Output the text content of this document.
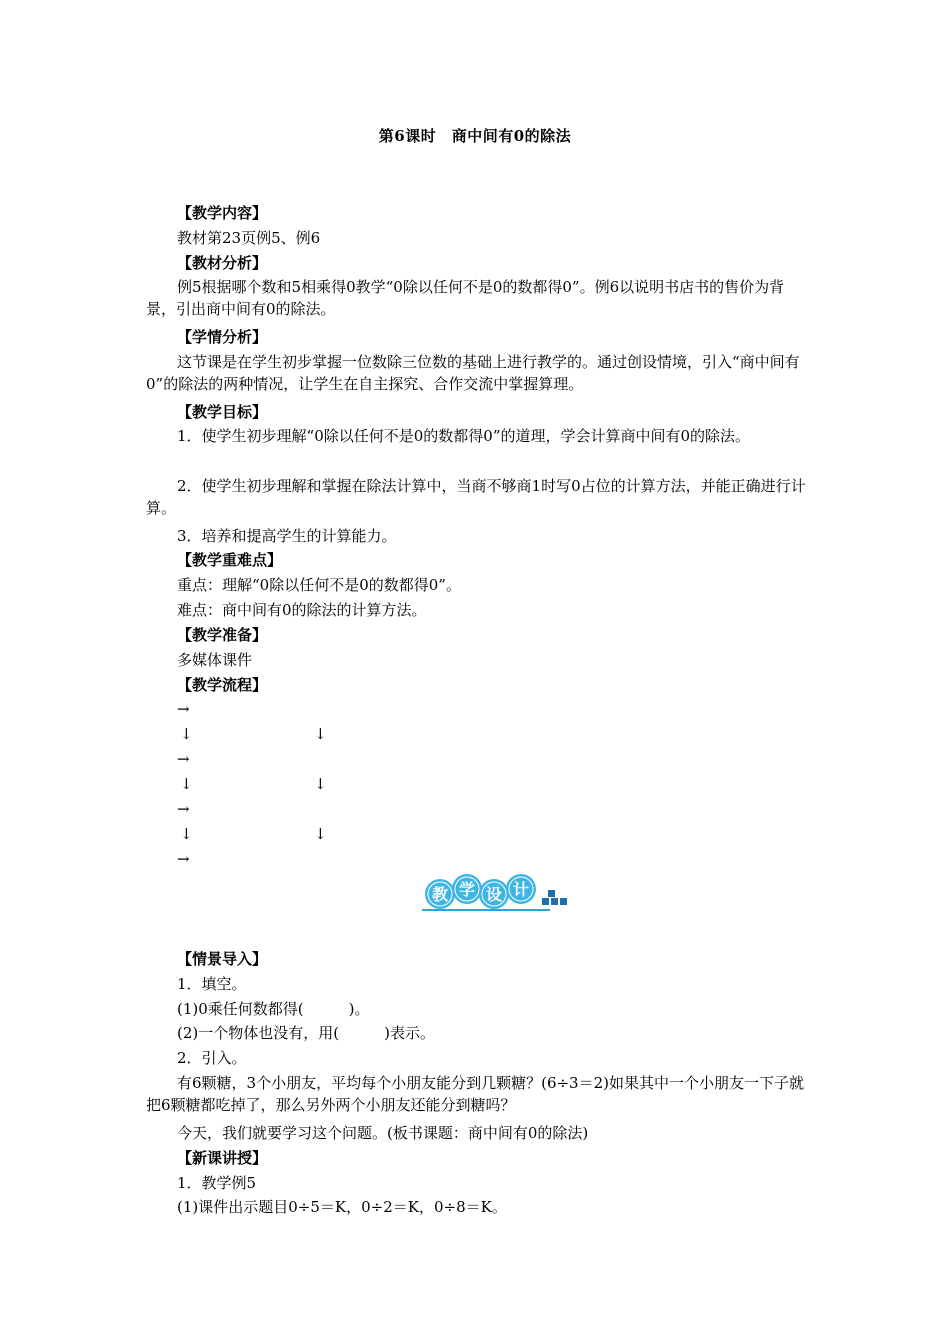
第6课时　商中间有0的除法
【教学内容】
教材第23页例5、例6
【教材分析】
例5根据哪个数和5相乘得0教学“0除以任何不是0的数都得0”。例6以说明书店书的售价为背景，引出商中间有0的除法。
【学情分析】
这节课是在学生初步掌握一位数除三位数的基础上进行教学的。通过创设情境，引入“商中间有0”的除法的两种情况，让学生在自主探究、合作交流中掌握算理。
【教学目标】
1．使学生初步理解“0除以任何不是0的数都得0”的道理，学会计算商中间有0的除法。
2．使学生初步理解和掌握在除法计算中，当商不够商1时写0占位的计算方法，并能正确进行计算。
3．培养和提高学生的计算能力。
【教学重难点】
重点：理解“0除以任何不是0的数都得0”。
难点：商中间有0的除法的计算方法。
【教学准备】
多媒体课件
【教学流程】
→
↓	↓
→
↓	↓
→
↓	↓
→
教 学 设 计
【情景导入】
1．填空。
(1)0乘任何数都得(　　　)。
(2)一个物体也没有，用(　　　)表示。
2．引入。
有6颗糖，3个小朋友，平均每个小朋友能分到几颗糖？(6÷3＝2)如果其中一个小朋友一下子就把6颗糖都吃掉了，那么另外两个小朋友还能分到糖吗？
今天，我们就要学习这个问题。(板书课题：商中间有0的除法)
【新课讲授】
1．教学例5
(1)课件出示题目0÷5＝K，0÷2＝K，0÷8＝K。
